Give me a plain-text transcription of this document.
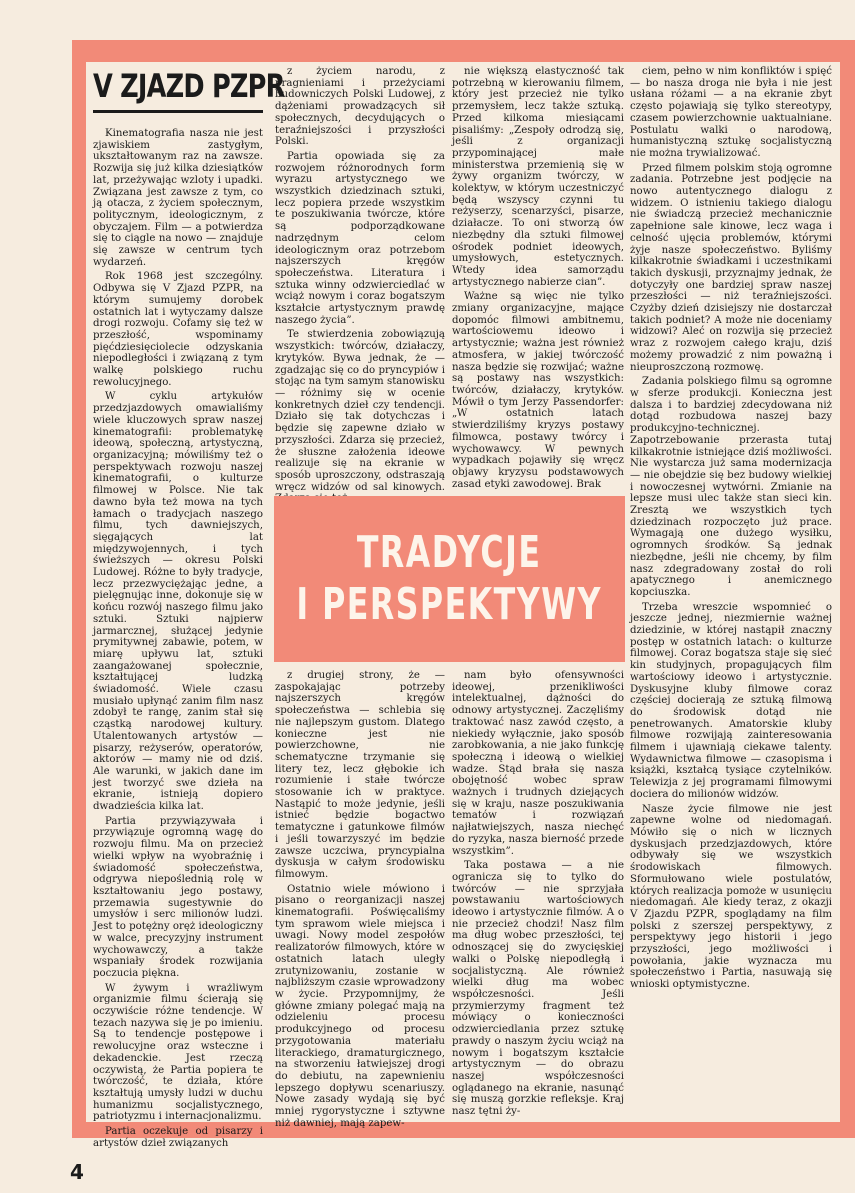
V ZJAZD PZPR

Kinematografia nasza nie jest zjawiskiem zastygłym, ukształtowanym raz na zawsze. Rozwija się już kilka dziesiątków lat, przeżywając wzloty i upadki. Związana jest zawsze z tym, co ją otacza, z życiem społecznym, politycznym, ideologicznym, z obyczajem. Film — a potwierdza się to ciągle na nowo — znajduje się zawsze w centrum tych wydarzeń.

Rok 1968 jest szczególny. Odbywa się V Zjazd PZPR, na którym sumujemy dorobek ostatnich lat i wytyczamy dalsze drogi rozwoju. Cofamy się też w przeszłość, wspominamy pięćdziesięciolecie odzyskania niepodległości i związaną z tym walkę polskiego ruchu rewolucyjnego.

W cyklu artykułów przedzjazdowych omawialiśmy wiele kluczowych spraw naszej kinematografii: problematykę ideową, społeczną, artystyczną, organizacyjną; mówiliśmy też o perspektywach rozwoju naszej kinematografii, o kulturze filmowej w Polsce. Nie tak dawno była też mowa na tych łamach o tradycjach naszego filmu, tych dawniejszych, sięgających lat międzywojennych, i tych świeższych — okresu Polski Ludowej. Różne to były tradycje, lecz przezwyciężając jedne, a pielęgnując inne, dokonuje się w końcu rozwój naszego filmu jako sztuki. Sztuki najpierw jarmarcznej, służącej jedynie prymitywnej zabawie, potem, w miarę upływu lat, sztuki zaangażowanej społecznie, kształtującej ludzką świadomość. Wiele czasu musiało upłynąć zanim film nasz zdobył te rangę, zanim stał się cząstką narodowej kultury. Utalentowanych artystów — pisarzy, reżyserów, operatorów, aktorów — mamy nie od dziś. Ale warunki, w jakich dane im jest tworzyć swe dzieła na ekranie, istnieją dopiero dwadzieścia kilka lat.

Partia przywiązywała i przywiązuje ogromną wagę do rozwoju filmu. Ma on przecież wielki wpływ na wyobraźnię i świadomość społeczeństwa, odgrywa niepoślednią rolę w kształtowaniu jego postawy, przemawia sugestywnie do umysłów i serc milionów ludzi. Jest to potężny oręż ideologiczny w walce, precyzyjny instrument wychowawczy, a także wspaniały środek rozwijania poczucia piękna.

W żywym i wrażliwym organizmie filmu ścierają się oczywiście różne tendencje. W tezach nazywa się je po imieniu. Są to tendencje postępowe i rewolucyjne oraz wsteczne i dekadenckie. Jest rzeczą oczywistą, że Partia popiera te twórczość, te działa, które kształtują umysły ludzi w duchu humanizmu socjalistycznego, patriotyzmu i internacjonalizmu.

Partia oczekuje od pisarzy i artystów dzieł związanych

z życiem narodu, z pragnieniami i przeżyciami budowniczych Polski Ludowej, z dążeniami prowadzących sił społecznych, decydujących o teraźniejszości i przyszłości Polski.

Partia opowiada się za rozwojem różnorodnych form wyrazu artystycznego we wszystkich dziedzinach sztuki, lecz popiera przede wszystkim te poszukiwania twórcze, które są podporządkowane nadrzędnym celom ideologicznym oraz potrzebom najszerszych kręgów społeczeństwa. Literatura i sztuka winny odzwierciedlać w wciąż nowym i coraz bogatszym kształcie artystycznym prawdę naszego życia”.

Te stwierdzenia zobowiązują wszystkich: twórców, działaczy, krytyków. Bywa jednak, że — zgadzając się co do pryncypiów i stojąc na tym samym stanowisku — różnimy się w ocenie konkretnych dzieł czy tendencji. Działo się tak dotychczas i będzie się zapewne działo w przyszłości. Zdarza się przecież, że słuszne założenia ideowe realizuje się na ekranie w sposób uproszczony, odstraszają wręcz widzów od sal kinowych.

nie większą elastyczność tak potrzebną w kierowaniu filmem, który jest przecież nie tylko przemysłem, lecz także sztuką. Przed kilkoma miesiącami pisaliśmy: „Zespoły odrodzą się, jeśli z organizacji przypominającej małe ministerstwa przemienią się w żywy organizm twórczy, w kolektyw, w którym uczestniczyć będą wszyscy czynni tu reżyserzy, scenarzyści, pisarze, działacze. To oni stworzą ów niezbędny dla sztuki filmowej ośrodek podniet ideowych, umysłowych, estetycznych. Wtedy idea samorządu artystycznego nabierze cian”.

Ważne są więc nie tylko zmiany organizacyjne, mające dopomóc filmowi ambitnemu, wartościowemu ideowo i artystycznie; ważna jest również atmosfera, w jakiej twórczość nasza będzie się rozwijać; ważne są postawy nas wszystkich: twórców, działaczy, krytyków. Mówił o tym Jerzy Passendorfer: „W ostatnich latach stwierdziliśmy kryzys postawy filmowca, postawy twórcy i wychowawcy. W pewnych wypadkach pojawiły się wręcz objawy kryzysu podstawowych zasad etyki zawodowej. Brak

ciem, pełno w nim konfliktów i spięć — bo nasza droga nie była i nie jest usłana różami — a na ekranie zbyt często pojawiają się tylko stereotypy, czasem powierzchownie uaktualniane. Postulatu walki o narodową, humanistyczną sztukę socjalistyczną nie można trywializować.

Przed filmem polskim stoją ogromne zadania. Potrzebne jest podjęcie na nowo autentycznego dialogu z widzem. O istnieniu takiego dialogu nie świadczą przecież mechanicznie zapełnione sale kinowe, lecz waga i celność ujęcia problemów, którymi żyje nasze społeczeństwo. Byliśmy kilkakrotnie świadkami i uczestnikami takich dyskusji, przyznajmy jednak, że dotyczyły one bardziej spraw naszej przeszłości — niż teraźniejszości. Czyżby dzień dzisiejszy nie dostarczał takich podniet? A może nie doceniamy widzowi? Aleć on rozwija się przecież wraz z rozwojem całego kraju, dziś możemy prowadzić z nim poważną i nieuproszczoną rozmowę.

Zadania polskiego filmu są ogromne w sferze produkcji. Konieczna jest dalsza i to bardziej zdecydowana niż dotąd rozbudowa naszej bazy produkcyjno-technicznej. Zapotrzebowanie przerasta tutaj kilkakrotnie istniejące dziś możliwości. Nie wystarcza już sama modernizacja — nie obejdzie się bez budowy wielkiej i nowoczesnej wytwórni. Zmianie na lepsze musi ulec także stan sieci kin. Zresztą we wszystkich tych dziedzinach rozpoczęto już prace. Wymagają one dużego wysiłku, ogromnych środków. Są jednak niezbędne, jeśli nie chcemy, by film nasz zdegradowany został do roli apatycznego i anemicznego kopciuszka.

Trzeba wreszcie wspomnieć o jeszcze jednej, niezmiernie ważnej dziedzinie, w której nastąpił znaczny postęp w ostatnich latach: o kulturze filmowej. Coraz bogatsza staje się sieć kin studyjnych, propagujących film wartościowy ideowo i artystycznie. Dyskusyjne kluby filmowe coraz częściej docierają ze sztuką filmową do środowisk dotąd nie penetrowanych. Amatorskie kluby filmowe rozwijają zainteresowania filmem i ujawniają ciekawe talenty. Wydawnictwa filmowe — czasopisma i książki, kształcą tysiące czytelników. Telewizja z jej programami filmowymi dociera do milionów widzów.

Nasze życie filmowe nie jest zapewne wolne od niedomagań. Mówiło się o nich w licznych dyskusjach przedzjazdowych, które odbywały się we wszystkich środowiskach filmowych. Sformułowano wiele postulatów, których realizacja pomoże w usunięciu niedomagań. Ale kiedy teraz, z okazji V Zjazdu PZPR, spoglądamy na film polski z szerszej perspektywy, z perspektywy jego historii i jego przyszłości, jego możliwości i powołania, jakie wyznacza mu społeczeństwo i Partia, nasuwają się wnioski optymistyczne.

TRADYCJE
I PERSPEKTYWY

z drugiej strony, że — zaspokajając potrzeby najszerszych kręgów społeczeństwa — schlebia się nie najlepszym gustom. Dlatego konieczne jest nie powierzchowne, nie schematyczne trzymanie się litery tez, lecz głębokie ich rozumienie i stałe twórcze stosowanie ich w praktyce. Nastąpić to może jedynie, jeśli istnieć będzie bogactwo tematyczne i gatunkowe filmów i jeśli towarzyszyć im będzie zawsze uczciwa, pryncypialna dyskusja w całym środowisku filmowym.

Ostatnio wiele mówiono i pisano o reorganizacji naszej kinematografii. Poświęcaliśmy tym sprawom wiele miejsca i uwagi. Nowy model zespołów realizatorów filmowych, które w ostatnich latach uległy zrutynizowaniu, zostanie w najbliższym czasie wprowadzony w życie. Przypomnijmy, że główne zmiany polegać mają na odzieleniu procesu produkcyjnego od procesu przygotowania materiału literackiego, dramaturgicznego, na stworzeniu łatwiejszej drogi do debiutu, na zapewnieniu lepszego dopływu scenariuszy. Nowe zasady wydają się być mniej rygorystyczne i sztywne niż dawniej, mają zapew-

nam było ofensywności ideowej, przenikliwości intelektualnej, dążności do odnowy artystycznej. Zaczęliśmy traktować nasz zawód często, a niekiedy wyłącznie, jako sposób zarobkowania, a nie jako funkcję społeczną i ideową o wielkiej wadze. Stąd brała się nasza obojętność wobec spraw ważnych i trudnych dziejących się w kraju, nasze poszukiwania tematów i rozwiązań najłatwiejszych, nasza niechęć do ryzyka, nasza bierność przede wszystkim”.

Taka postawa — a nie ogranicza się to tylko do twórców — nie sprzyjała powstawaniu wartościowych ideowo i artystycznie filmów. A o nie przecież chodzi! Nasz film ma dług wobec przeszłości, tej odnoszącej się do zwycięskiej walki o Polskę niepodległą i socjalistyczną. Ale również wielki dług ma wobec współczesności. Jeśli przymierzymy fragment też mówiący o konieczności odzwierciedlania przez sztukę prawdy o naszym życiu wciąż na nowym i bogatszym kształcie artystycznym — do obrazu naszej współczesności oglądanego na ekranie, nasunąć się muszą gorzkie refleksje. Kraj nasz tętni ży-

4
